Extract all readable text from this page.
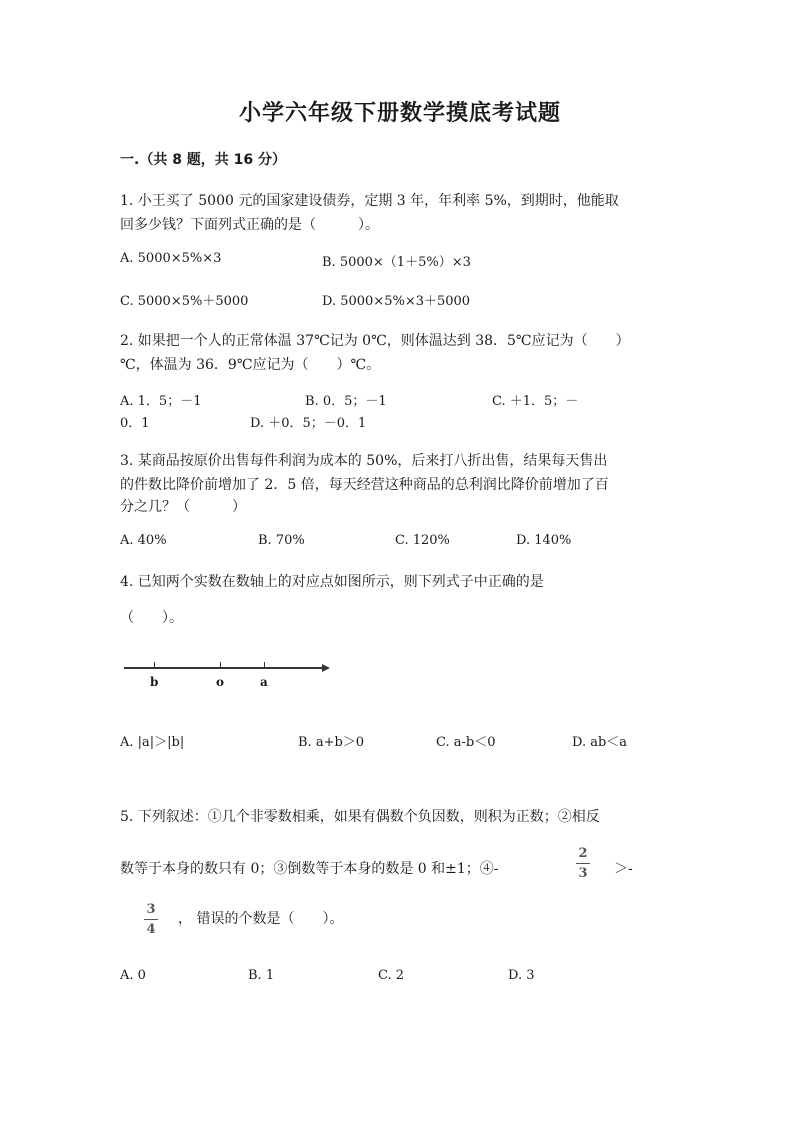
小学六年级下册数学摸底考试题
一.（共 8 题，共 16 分）
1. 小王买了 5000 元的国家建设债券，定期 3 年，年利率 5%，到期时，他能取
回多少钱？下面列式正确的是（　　　）。
A. 5000×5%×3	B. 5000×（1＋5%）×3
C. 5000×5%＋5000	D. 5000×5%×3＋5000
2. 如果把一个人的正常体温 37℃记为 0℃，则体温达到 38．5℃应记为（　　）
℃，体温为 36．9℃应记为（　　）℃。
A. 1．5；－1	B. 0．5；－1	C. ＋1．5；－
0．1	D. ＋0．5；－0．1
3. 某商品按原价出售每件利润为成本的 50%，后来打八折出售，结果每天售出
的件数比降价前增加了 2．5 倍，每天经营这种商品的总利润比降价前增加了百
分之几？（　　　）
A. 40%	B. 70%	C. 120%	D. 140%
4. 已知两个实数在数轴上的对应点如图所示，则下列式子中正确的是
（　　）。
b	o	a
A. |a|＞|b|	B. a+b＞0	C. a-b＜0	D. ab＜a
5. 下列叙述：①几个非零数相乘，如果有偶数个负因数，则积为正数；②相反
数等于本身的数只有 0；③倒数等于本身的数是 0 和±1；④-
2
3 ＞-
3
4
， 错误的个数是（　　）。
A. 0	B. 1	C. 2	D. 3
